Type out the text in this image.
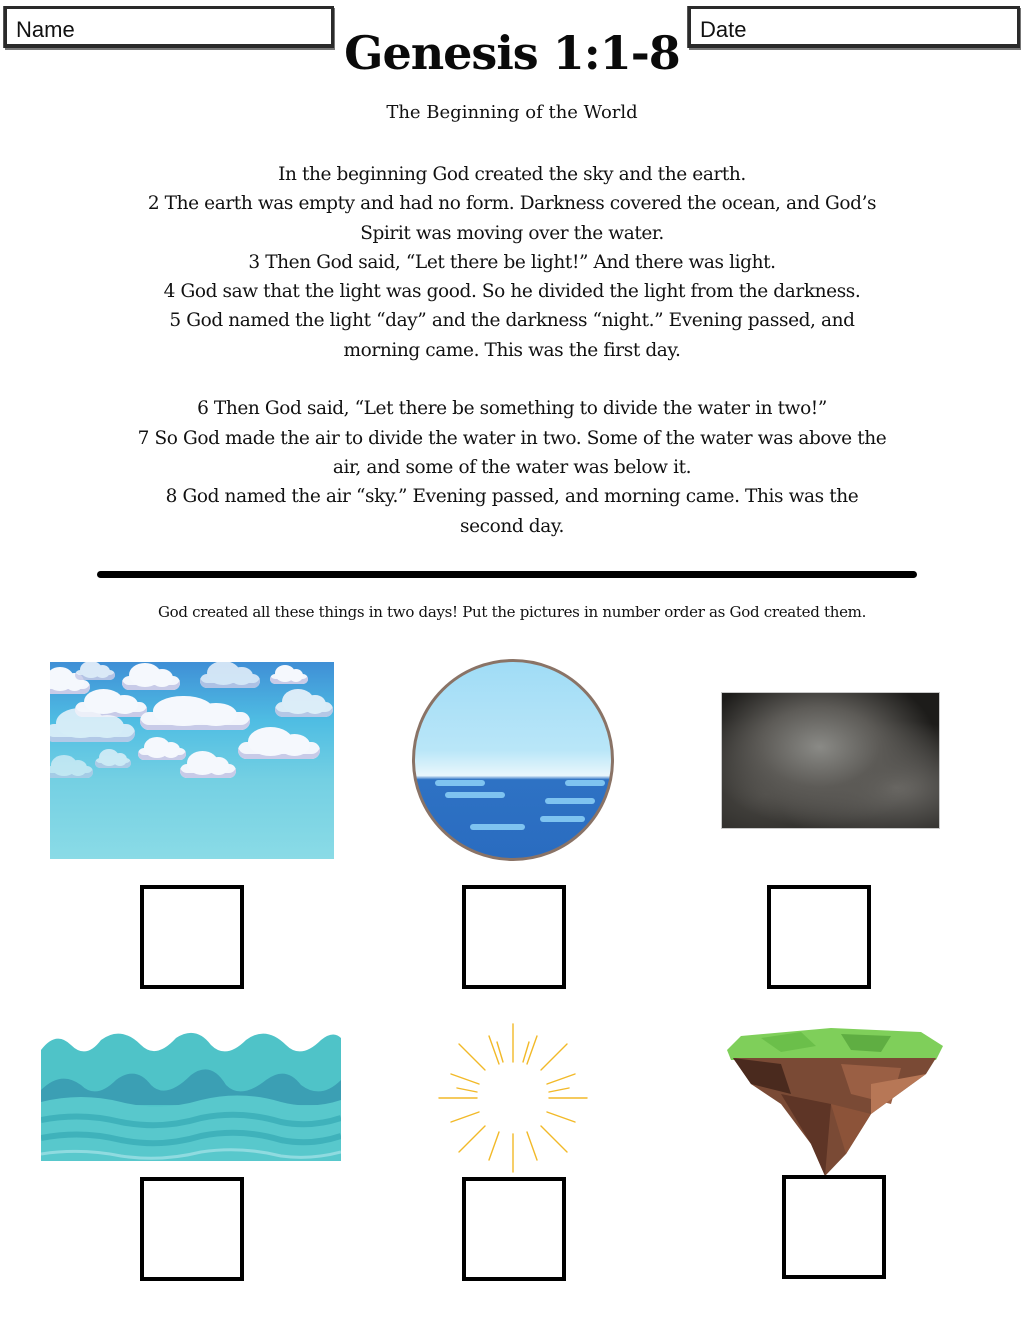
Name	Date
Genesis 1:1-8
The Beginning of the World
In the beginning God created the sky and the earth.
2 The earth was empty and had no form. Darkness covered the ocean, and God’s
Spirit was moving over the water.
3 Then God said, “Let there be light!” And there was light.
4 God saw that the light was good. So he divided the light from the darkness.
5 God named the light “day” and the darkness “night.” Evening passed, and
morning came. This was the first day.
6 Then God said, “Let there be something to divide the water in two!”
7 So God made the air to divide the water in two. Some of the water was above the
air, and some of the water was below it.
8 God named the air “sky.” Evening passed, and morning came. This was the
second day.
God created all these things in two days! Put the pictures in number order as God created them.
